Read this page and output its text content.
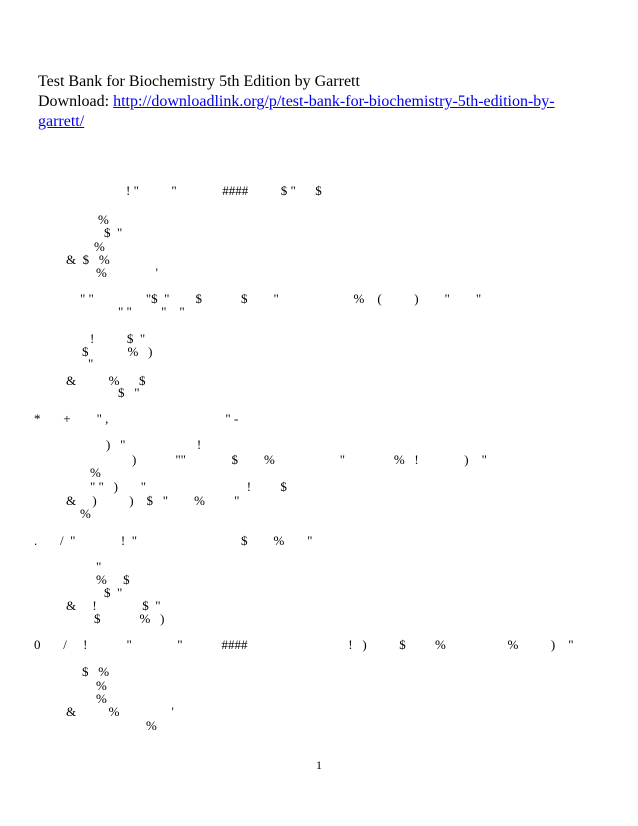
Test Bank for Biochemistry 5th Edition by Garrett
Download: http://downloadlink.org/p/test-bank-for-biochemistry-5th-edition-by-
garrett/
! "          "              ####          $ "      $
%
$  "
%
&  $   %
%               '
" "                "$  "        $            $        "                       %    (          )        "        "
" "         "    "
!          $  "
$            %   )
"
&          %      $
$   "
*       +        " ,                                    " -
)   "                      !
)            ""              $        %                    "               %   !              )    "
%
" "   )       "                               !         $
&     )          )    $   "        %         "
%
.       /  "              !  "                                $        %       "
"
%     $
$  "
&     !              $  "
$            %   )
0       /     !            "              "            ####                               !   )          $         %                   %          )    "
$   %
%
%
&          %                '
%
1
